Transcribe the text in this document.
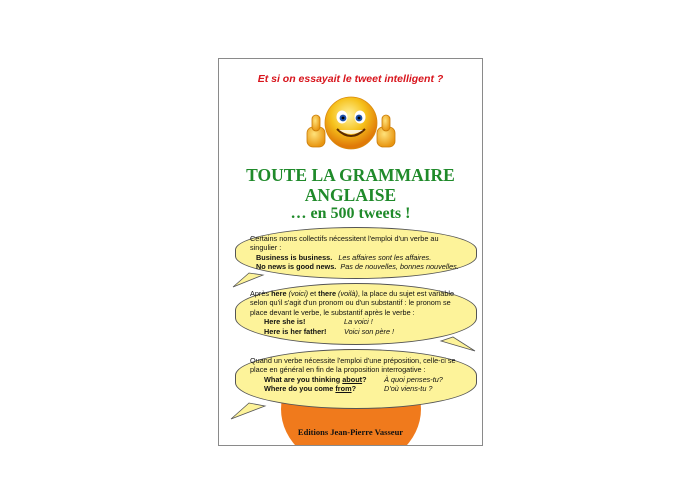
Et si on essayait le tweet intelligent ?
TOUTE LA GRAMMAIRE
ANGLAISE
… en 500 tweets !
Certains noms collectifs nécessitent l'emploi d'un verbe au singulier :
Business is business. Les affaires sont les affaires.
No news is good news. Pas de nouvelles, bonnes nouvelles.
Après here (voici) et there (voilà), la place du sujet est variable selon qu'il s'agit d'un pronom ou d'un substantif : le pronom se place devant le verbe, le substantif après le verbe :
Here she is!	La voici !
Here is her father! Voici son père !
Quand un verbe nécessite l'emploi d'une préposition, celle-ci se place en général en fin de la proposition interrogative :
What are you thinking about? À quoi penses-tu?
Where do you come from?	D'où viens-tu ?
Editions Jean-Pierre Vasseur
